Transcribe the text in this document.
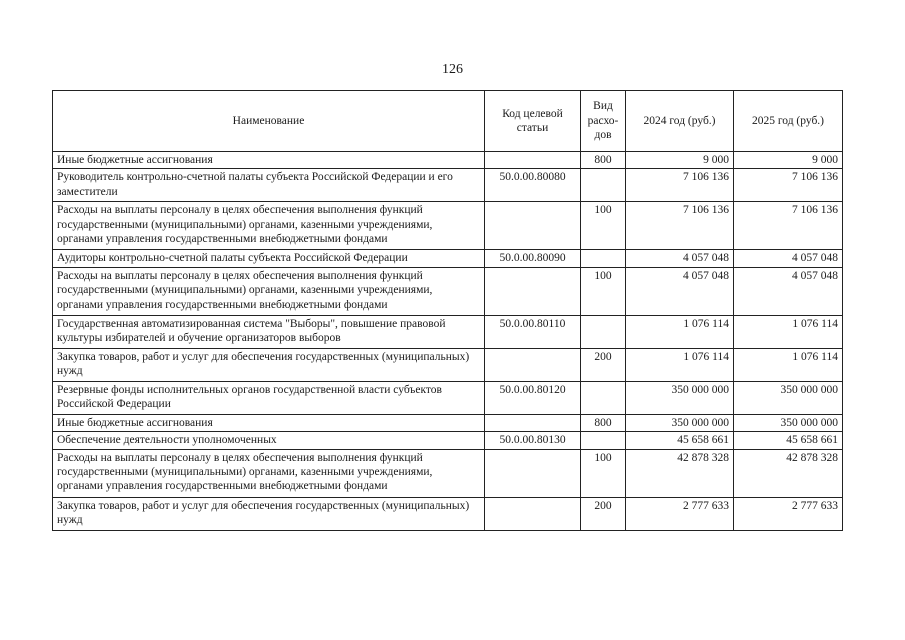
126
Наименование	Код целевой статьи	Вид расхо-дов	2024 год (руб.)	2025 год (руб.)
Иные бюджетные ассигнования		800	9 000	9 000
Руководитель контрольно-счетной палаты субъекта Российской Федерации и его заместители	50.0.00.80080		7 106 136	7 106 136
Расходы на выплаты персоналу в целях обеспечения выполнения функций государственными (муниципальными) органами, казенными учреждениями, органами управления государственными внебюджетными фондами		100	7 106 136	7 106 136
Аудиторы контрольно-счетной палаты субъекта Российской Федерации	50.0.00.80090		4 057 048	4 057 048
Расходы на выплаты персоналу в целях обеспечения выполнения функций государственными (муниципальными) органами, казенными учреждениями, органами управления государственными внебюджетными фондами		100	4 057 048	4 057 048
Государственная автоматизированная система "Выборы", повышение правовой культуры избирателей и обучение организаторов выборов	50.0.00.80110		1 076 114	1 076 114
Закупка товаров, работ и услуг для обеспечения государственных (муниципальных) нужд		200	1 076 114	1 076 114
Резервные фонды исполнительных органов государственной власти субъектов Российской Федерации	50.0.00.80120		350 000 000	350 000 000
Иные бюджетные ассигнования		800	350 000 000	350 000 000
Обеспечение деятельности уполномоченных	50.0.00.80130		45 658 661	45 658 661
Расходы на выплаты персоналу в целях обеспечения выполнения функций государственными (муниципальными) органами, казенными учреждениями, органами управления государственными внебюджетными фондами		100	42 878 328	42 878 328
Закупка товаров, работ и услуг для обеспечения государственных (муниципальных) нужд		200	2 777 633	2 777 633
